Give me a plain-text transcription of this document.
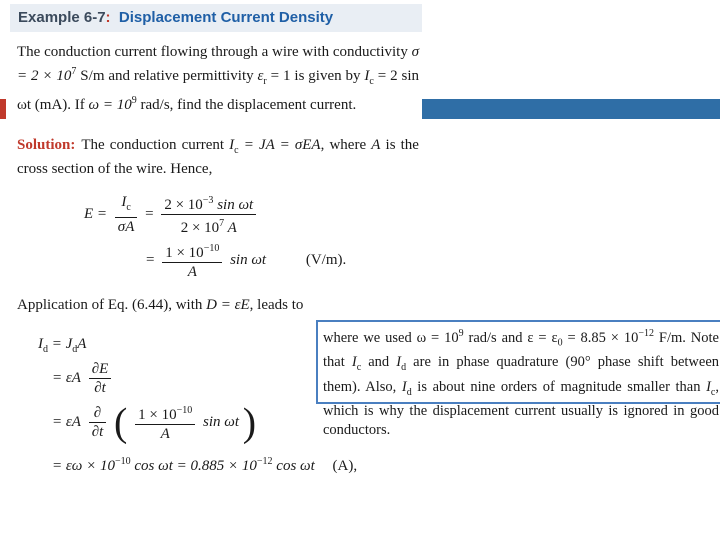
Example 6-7: Displacement Current Density
The conduction current flowing through a wire with conductivity $\sigma = 2 \times 10^7$ S/m and relative permittivity $\varepsilon_r = 1$ is given by $I_c = 2$ sin ωt (mA). If $\omega = 10^9$ rad/s, find the displacement current.
Solution: The conduction current $I_c$ = JA = σEA, where A is the cross section of the wire. Hence,
$E = \frac{I_c}{\sigma A} = \frac{2 \times 10^{-3} \sin \omega t}{2 \times 10^7 A}$
= $\frac{1 \times 10^{-10}}{A}$ sin ωt	(V/m).
Application of Eq. (6.44), with D = εE, leads to
$I_d = J_dA$
= εA $\frac{\partial E}{\partial t}$
= εA $\frac{\partial}{\partial t}$ ( $\frac{1 \times 10^{-10}}{A}$ sin ωt )
= $\varepsilon\omega \times 10^{-10}$ $\cos \omega t = 0.885 \times 10^{-12}$ cos ωt (A),
where we used $\omega = 10^9$ rad/s and $\varepsilon = \varepsilon_0 = 8.85 \times 10^{-12}$ F/m. Note that $I_c$ and $I_d$ are in phase quadrature (90° phase shift between them). Also, $I_d$ is about nine orders of magnitude smaller than $I_c$, which is why the displacement current usually is ignored in good conductors.
